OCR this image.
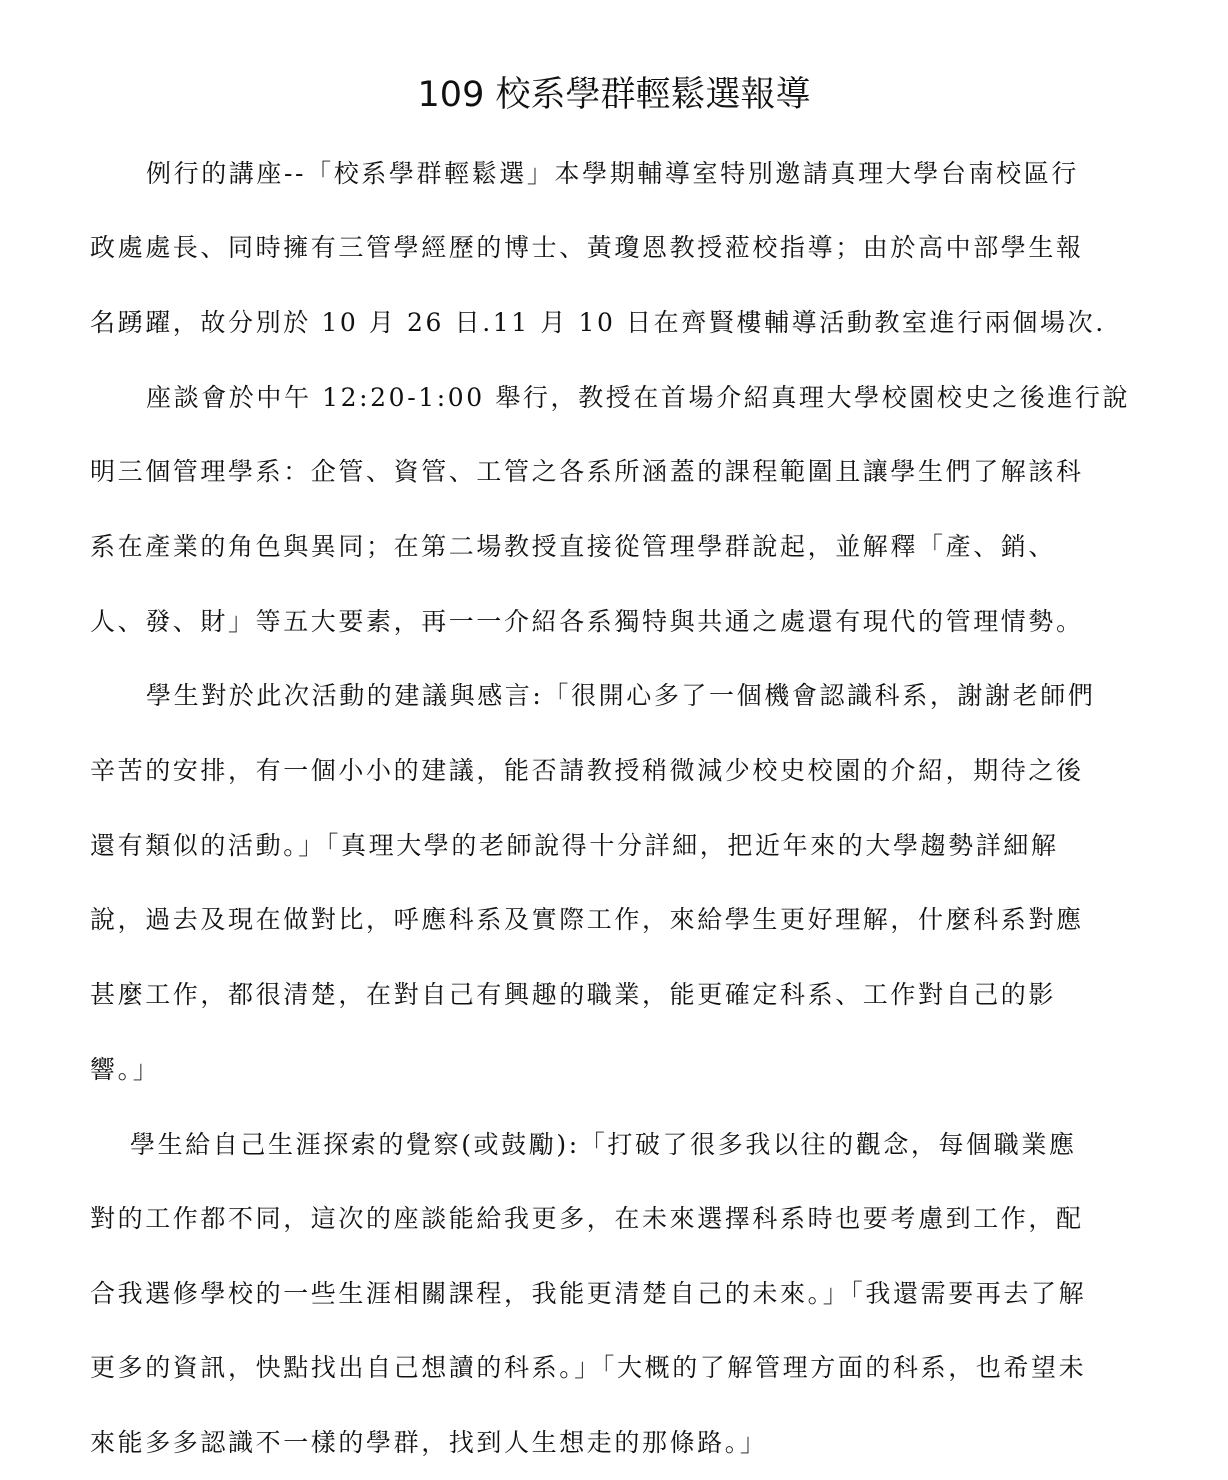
109 校系學群輕鬆選報導
例行的講座--「校系學群輕鬆選」本學期輔導室特別邀請真理大學台南校區行
政處處長、同時擁有三管學經歷的博士、黃瓊恩教授蒞校指導；由於高中部學生報
名踴躍，故分別於 10 月 26 日.11 月 10 日在齊賢樓輔導活動教室進行兩個場次.
座談會於中午 12:20-1:00 舉行，教授在首場介紹真理大學校園校史之後進行說
明三個管理學系：企管、資管、工管之各系所涵蓋的課程範圍且讓學生們了解該科
系在產業的角色與異同；在第二場教授直接從管理學群說起，並解釋「產、銷、
人、發、財」等五大要素，再一一介紹各系獨特與共通之處還有現代的管理情勢。
學生對於此次活動的建議與感言:「很開心多了一個機會認識科系，謝謝老師們
辛苦的安排，有一個小小的建議，能否請教授稍微減少校史校園的介紹，期待之後
還有類似的活動。」「真理大學的老師說得十分詳細，把近年來的大學趨勢詳細解
說，過去及現在做對比，呼應科系及實際工作，來給學生更好理解，什麼科系對應
甚麼工作，都很清楚，在對自己有興趣的職業，能更確定科系、工作對自己的影
響。」
學生給自己生涯探索的覺察(或鼓勵):「打破了很多我以往的觀念，每個職業應
對的工作都不同，這次的座談能給我更多，在未來選擇科系時也要考慮到工作，配
合我選修學校的一些生涯相關課程，我能更清楚自己的未來。」「我還需要再去了解
更多的資訊，快點找出自己想讀的科系。」「大概的了解管理方面的科系，也希望未
來能多多認識不一樣的學群，找到人生想走的那條路。」
